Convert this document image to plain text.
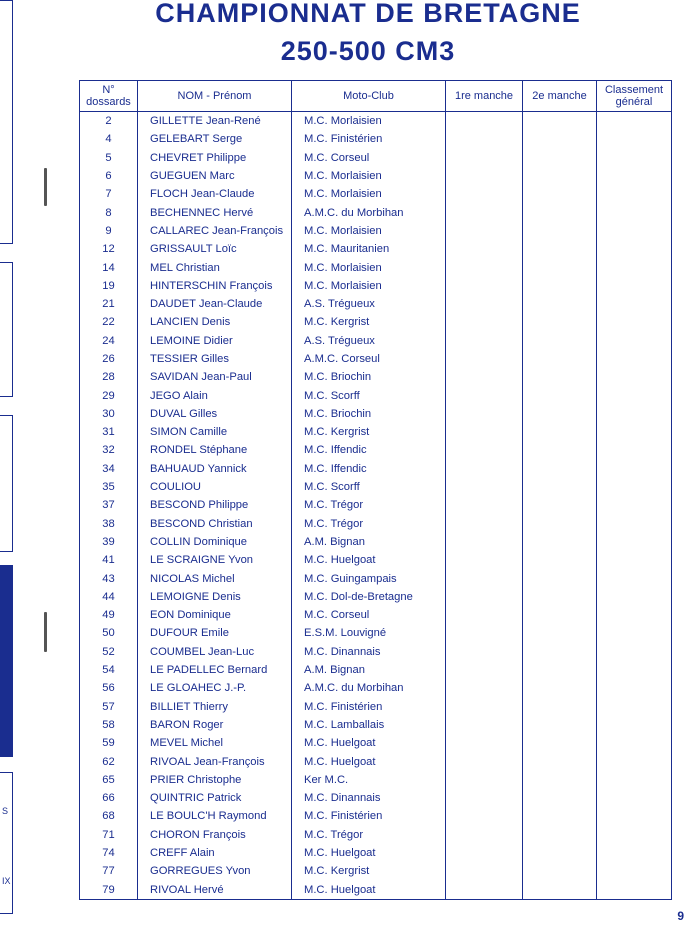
CHAMPIONNAT DE BRETAGNE
250-500 CM3
S
IX
N° dossards	NOM - Prénom	Moto-Club	1re manche	2e manche	Classement général
2	GILLETTE Jean-René	M.C. Morlaisien			
4	GELEBART Serge	M.C. Finistérien			
5	CHEVRET Philippe	M.C. Corseul			
6	GUEGUEN Marc	M.C. Morlaisien			
7	FLOCH Jean-Claude	M.C. Morlaisien			
8	BECHENNEC Hervé	A.M.C. du Morbihan			
9	CALLAREC Jean-François	M.C. Morlaisien			
12	GRISSAULT Loïc	M.C. Mauritanien			
14	MEL Christian	M.C. Morlaisien			
19	HINTERSCHIN François	M.C. Morlaisien			
21	DAUDET Jean-Claude	A.S. Trégueux			
22	LANCIEN Denis	M.C. Kergrist			
24	LEMOINE Didier	A.S. Trégueux			
26	TESSIER Gilles	A.M.C. Corseul			
28	SAVIDAN Jean-Paul	M.C. Briochin			
29	JEGO Alain	M.C. Scorff			
30	DUVAL Gilles	M.C. Briochin			
31	SIMON Camille	M.C. Kergrist			
32	RONDEL Stéphane	M.C. Iffendic			
34	BAHUAUD Yannick	M.C. Iffendic			
35	COULIOU	M.C. Scorff			
37	BESCOND Philippe	M.C. Trégor			
38	BESCOND Christian	M.C. Trégor			
39	COLLIN Dominique	A.M. Bignan			
41	LE SCRAIGNE Yvon	M.C. Huelgoat			
43	NICOLAS Michel	M.C. Guingampais			
44	LEMOIGNE Denis	M.C. Dol-de-Bretagne			
49	EON Dominique	M.C. Corseul			
50	DUFOUR Emile	E.S.M. Louvigné			
52	COUMBEL Jean-Luc	M.C. Dinannais			
54	LE PADELLEC Bernard	A.M. Bignan			
56	LE GLOAHEC J.-P.	A.M.C. du Morbihan			
57	BILLIET Thierry	M.C. Finistérien			
58	BARON Roger	M.C. Lamballais			
59	MEVEL Michel	M.C. Huelgoat			
62	RIVOAL Jean-François	M.C. Huelgoat			
65	PRIER Christophe	Ker M.C.			
66	QUINTRIC Patrick	M.C. Dinannais			
68	LE BOULC'H Raymond	M.C. Finistérien			
71	CHORON François	M.C. Trégor			
74	CREFF Alain	M.C. Huelgoat			
77	GORREGUES Yvon	M.C. Kergrist			
79	RIVOAL Hervé	M.C. Huelgoat			
9
